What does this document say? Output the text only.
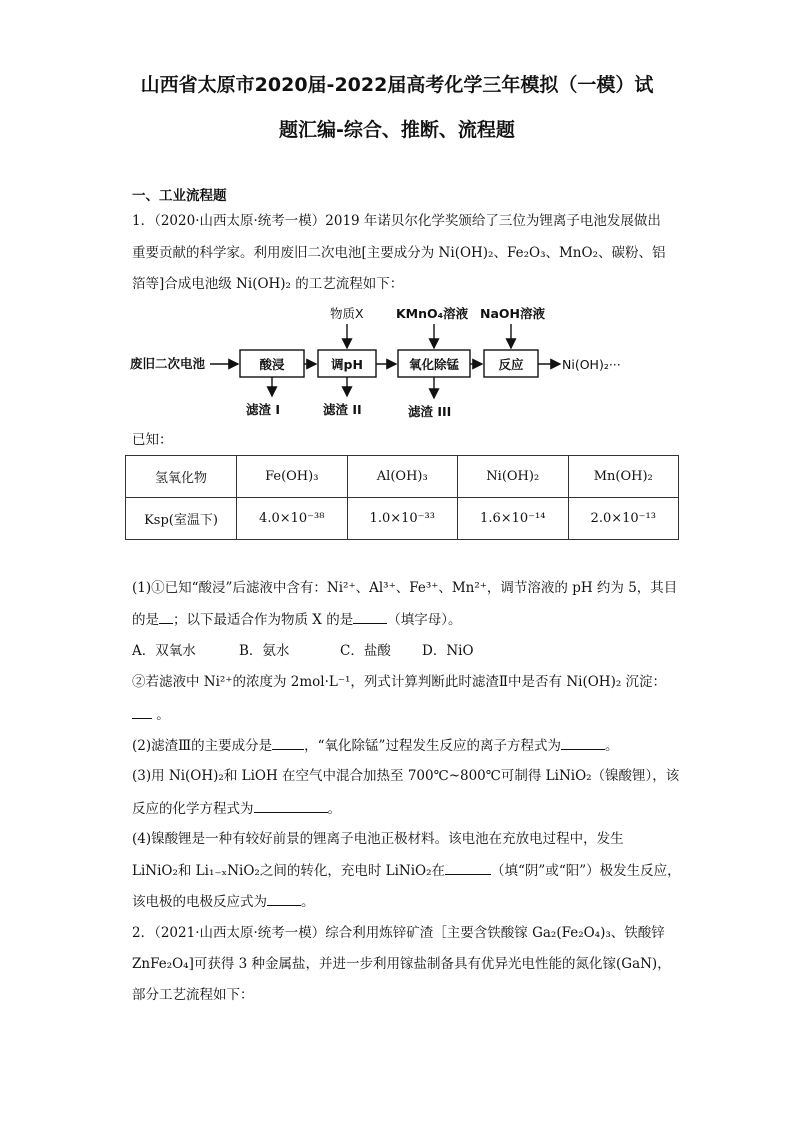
山西省太原市2020届-2022届高考化学三年模拟（一模）试
题汇编-综合、推断、流程题
一、工业流程题
1．（2020·山西太原·统考一模）2019 年诺贝尔化学奖颁给了三位为锂离子电池发展做出
重要贡献的科学家。利用废旧二次电池[主要成分为 Ni(OH)₂、Fe₂O₃、MnO₂、碳粉、铝
箔等]合成电池级 Ni(OH)₂ 的工艺流程如下：
废旧二次电池	酸浸	调pH	氧化除锰	反应	Ni(OH)₂···
物质X	KMnO₄溶液 NaOH溶液
滤渣 I	滤渣 II	滤渣 III
已知：
氢氧化物	Fe(OH)₃	Al(OH)₃	Ni(OH)₂	Mn(OH)₂
Ksp(室温下)	4.0×10⁻³⁸	1.0×10⁻³³	1.6×10⁻¹⁴	2.0×10⁻¹³
(1)①已知“酸浸”后滤液中含有：Ni²⁺、Al³⁺、Fe³⁺、Mn²⁺，调节溶液的 pH 约为 5，其目
的是 ；以下最适合作为物质 X 的是	（填字母）。
A．双氧水	B．氨水	C．盐酸 D．NiO
②若滤液中 Ni²⁺的浓度为 2mol·L⁻¹，列式计算判断此时滤渣Ⅱ中是否有 Ni(OH)₂ 沉淀：
。
(2)滤渣Ⅲ的主要成分是 ，“氧化除锰”过程发生反应的离子方程式为	。
(3)用 Ni(OH)₂和 LiOH 在空气中混合加热至 700℃~800℃可制得 LiNiO₂（镍酸锂），该
反应的化学方程式为	。
(4)镍酸锂是一种有较好前景的锂离子电池正极材料。该电池在充放电过程中，发生
LiNiO₂和 Li₁₋ₓNiO₂之间的转化，充电时 LiNiO₂在	（填“阴”或“阳”）极发生反应，
该电极的电极反应式为	。
2．（2021·山西太原·统考一模）综合利用炼锌矿渣［主要含铁酸镓 Ga₂(Fe₂O₄)₃、铁酸锌
ZnFe₂O₄]可获得 3 种金属盐，并进一步利用镓盐制备具有优异光电性能的氮化镓(GaN)，
部分工艺流程如下：
